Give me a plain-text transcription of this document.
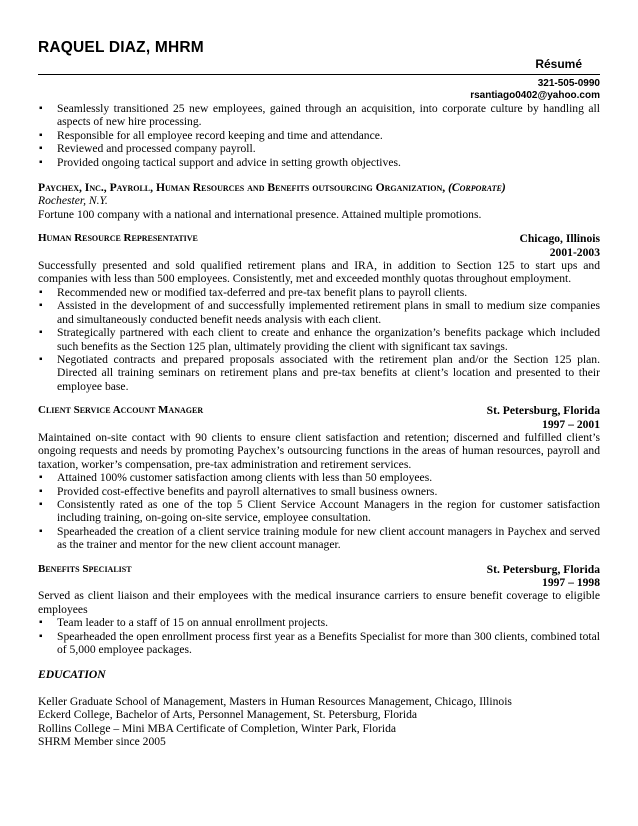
RAQUEL DIAZ, MHRM
Résumé
321-505-0990
rsantiago0402@yahoo.com
▪ Seamlessly transitioned 25 new employees, gained through an acquisition, into corporate culture by handling all aspects of new hire processing.
▪ Responsible for all employee record keeping and time and attendance.
▪ Reviewed and processed company payroll.
▪ Provided ongoing tactical support and advice in setting growth objectives.
Paychex, Inc., Payroll, Human Resources and Benefits outsourcing Organization, (Corporate)

Rochester, N.Y.

Fortune 100 company with a national and international presence. Attained multiple promotions.

Human Resource Representative	Chicago, Illinois
2001-2003

Successfully presented and sold qualified retirement plans and IRA, in addition to Section 125 to start ups and companies with less than 500 employees. Consistently, met and exceeded monthly quotas throughout employment.

▪ Recommended new or modified tax-deferred and pre-tax benefit plans to payroll clients.
▪ Assisted in the development of and successfully implemented retirement plans in small to medium size companies and simultaneously conducted benefit needs analysis with each client.
▪ Strategically partnered with each client to create and enhance the organization’s benefits package which included such benefits as the Section 125 plan, ultimately providing the client with significant tax savings.
▪ Negotiated contracts and prepared proposals associated with the retirement plan and/or the Section 125 plan. Directed all training seminars on retirement plans and pre-tax benefits at client’s location and presented to their employee base.
Client Service Account Manager	St. Petersburg, Florida
1997 – 2001

Maintained on-site contact with 90 clients to ensure client satisfaction and retention; discerned and fulfilled client’s ongoing requests and needs by promoting Paychex’s outsourcing functions in the areas of human resources, payroll and taxation, worker’s compensation, pre-tax administration and retirement services.

▪ Attained 100% customer satisfaction among clients with less than 50 employees.
▪ Provided cost-effective benefits and payroll alternatives to small business owners.
▪ Consistently rated as one of the top 5 Client Service Account Managers in the region for customer satisfaction including training, on-going on-site service, employee consultation.
▪ Spearheaded the creation of a client service training module for new client account managers in Paychex and served as the trainer and mentor for the new client account manager.
Benefits Specialist	St. Petersburg, Florida
1997 – 1998

Served as client liaison and their employees with the medical insurance carriers to ensure benefit coverage to eligible employees

▪ Team leader to a staff of 15 on annual enrollment projects.
▪ Spearheaded the open enrollment process first year as a Benefits Specialist for more than 300 clients, combined total of 5,000 employee packages.
EDUCATION

Keller Graduate School of Management, Masters in Human Resources Management, Chicago, Illinois

Eckerd College, Bachelor of Arts, Personnel Management, St. Petersburg, Florida

Rollins College – Mini MBA Certificate of Completion, Winter Park, Florida

SHRM Member since 2005
